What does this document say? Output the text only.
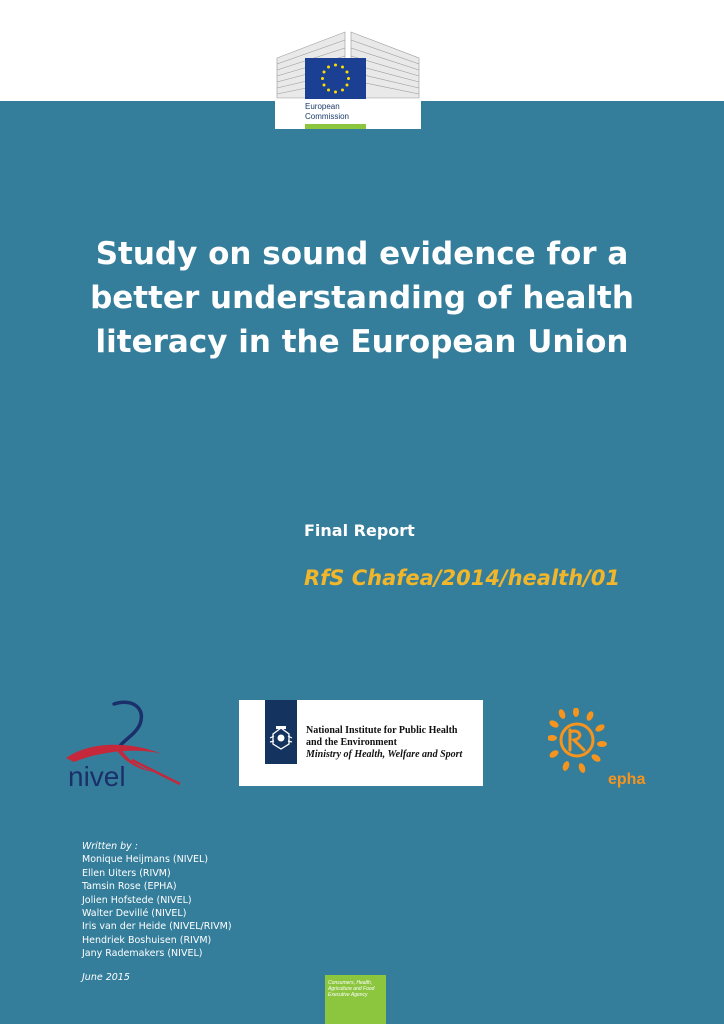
European
Commission
Study on sound evidence for a
better understanding of health
literacy in the European Union
Final Report
RfS Chafea/2014/health/01
nivel
National Institute for Public Health
and the Environment
Ministry of Health, Welfare and Sport
epha
Written by :
Monique Heijmans (NIVEL)
Ellen Uiters (RIVM)
Tamsin Rose (EPHA)
Jolien Hofstede (NIVEL)
Walter Devillé (NIVEL)
Iris van der Heide (NIVEL/RIVM)
Hendriek Boshuisen (RIVM)
Jany Rademakers (NIVEL)
June 2015	Consumers, Health,
Agriculture and Food
Executive Agency
